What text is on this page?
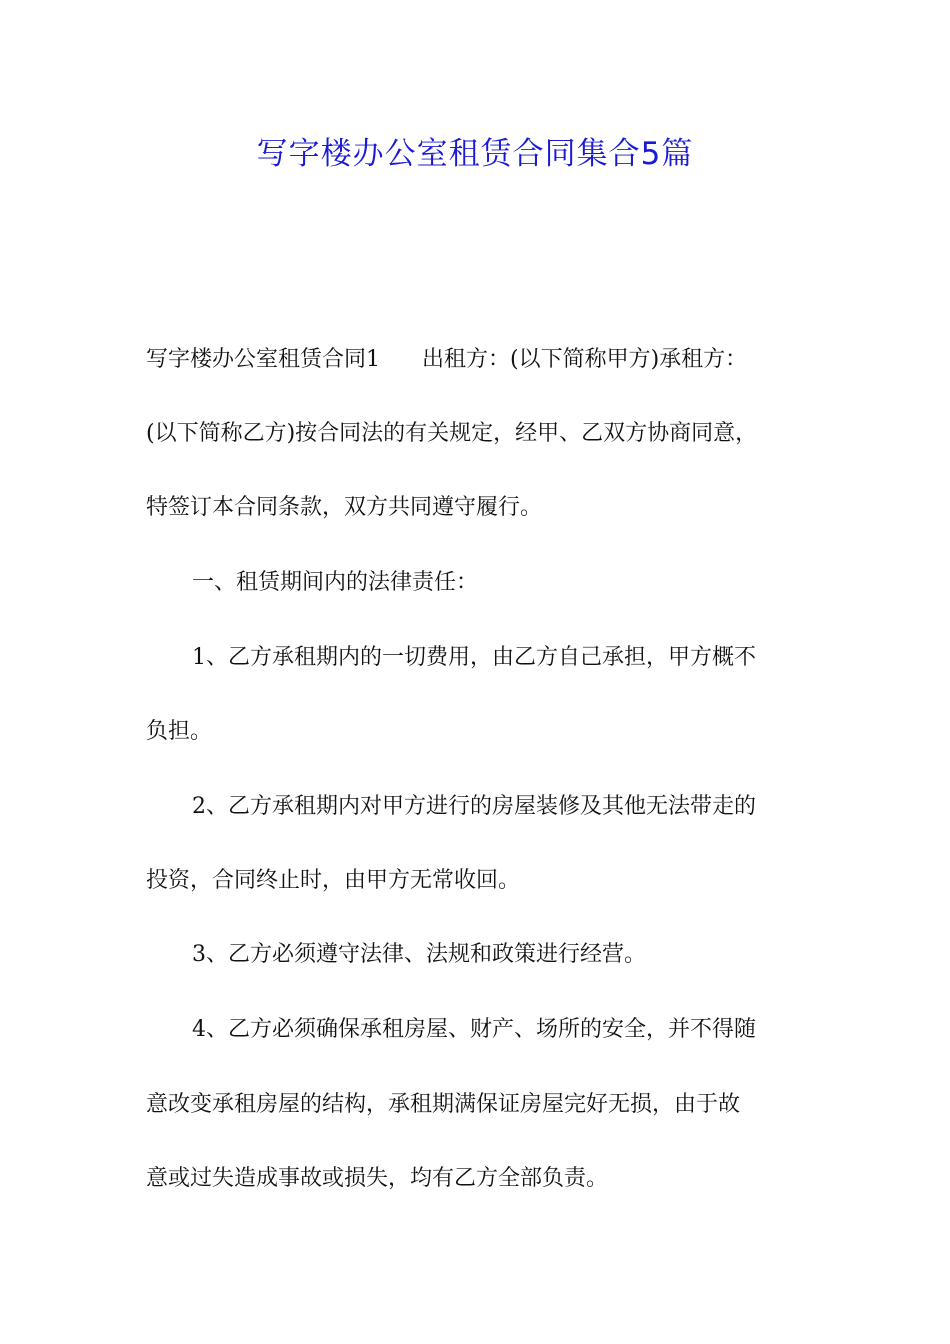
写字楼办公室租赁合同集合5篇

写字楼办公室租赁合同1 出租方：(以下简称甲方)承租方：

(以下简称乙方)按合同法的有关规定，经甲、乙双方协商同意，

特签订本合同条款，双方共同遵守履行。

一、租赁期间内的法律责任：

1、乙方承租期内的一切费用，由乙方自己承担，甲方概不

负担。

2、乙方承租期内对甲方进行的房屋装修及其他无法带走的

投资，合同终止时，由甲方无常收回。

3、乙方必须遵守法律、法规和政策进行经营。

4、乙方必须确保承租房屋、财产、场所的安全，并不得随

意改变承租房屋的结构，承租期满保证房屋完好无损，由于故

意或过失造成事故或损失，均有乙方全部负责。
